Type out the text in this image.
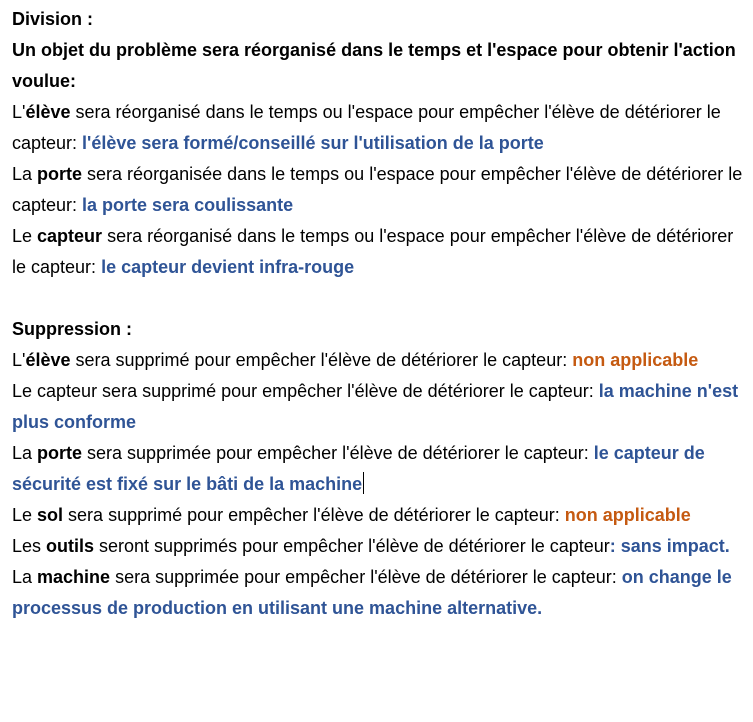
Division :

Un objet du problème sera réorganisé dans le temps et l'espace pour obtenir l'action voulue:

L'élève sera réorganisé dans le temps ou l'espace pour empêcher l'élève de détériorer le capteur: l'élève sera formé/conseillé sur l'utilisation de la porte

La porte sera réorganisée dans le temps ou l'espace pour empêcher l'élève de détériorer le capteur: la porte sera coulissante

Le capteur sera réorganisé dans le temps ou l'espace pour empêcher l'élève de détériorer le capteur: le capteur devient infra-rouge

Suppression :

L'élève sera supprimé pour empêcher l'élève de détériorer le capteur: non applicable

Le capteur sera supprimé pour empêcher l'élève de détériorer le capteur: la machine n'est plus conforme

La porte sera supprimée pour empêcher l'élève de détériorer le capteur: le capteur de sécurité est fixé sur le bâti de la machine

Le sol sera supprimé pour empêcher l'élève de détériorer le capteur: non applicable

Les outils seront supprimés pour empêcher l'élève de détériorer le capteur: sans impact.

La machine sera supprimée pour empêcher l'élève de détériorer le capteur: on change le processus de production en utilisant une machine alternative.
